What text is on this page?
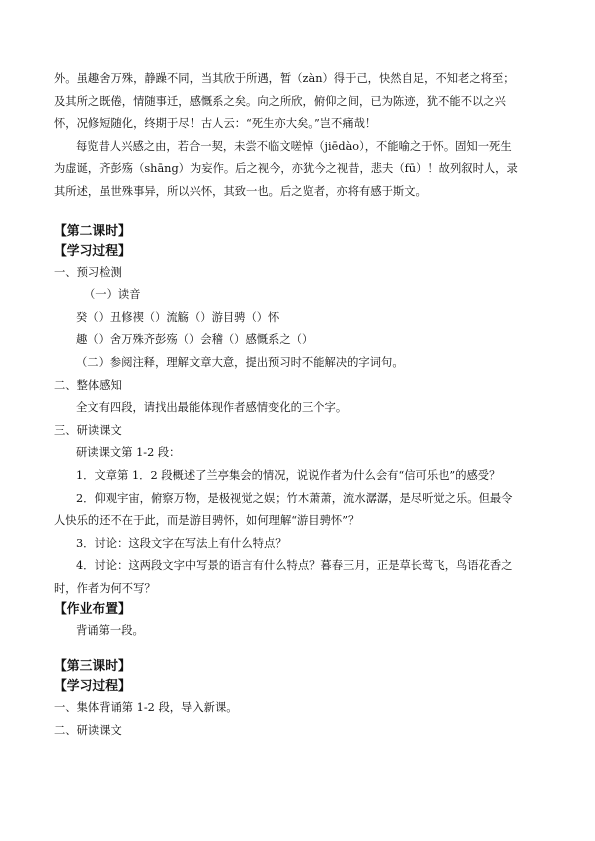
外。虽趣舍万殊，静躁不同，当其欣于所遇，暂（zàn）得于己，快然自足，不知老之将至；

及其所之既倦，情随事迁，感慨系之矣。向之所欣，俯仰之间，已为陈迹，犹不能不以之兴

怀，况修短随化，终期于尽！古人云：“死生亦大矣。”岂不痛哉！

每览昔人兴感之由，若合一契，未尝不临文嗟悼（jiēdào），不能喻之于怀。固知一死生

为虚诞，齐彭殇（shāng）为妄作。后之视今，亦犹今之视昔，悲夫（fū）！故列叙时人，录

其所述，虽世殊事异，所以兴怀，其致一也。后之览者，亦将有感于斯文。

【第二课时】

【学习过程】

一、预习检测

（一）读音

癸（）丑修禊（）流觞（）游目骋（）怀

趣（）舍万殊齐彭殇（）会稽（）感慨系之（）

（二）参阅注释，理解文章大意，提出预习时不能解决的字词句。

二、整体感知

全文有四段，请找出最能体现作者感情变化的三个字。

三、研读课文

研读课文第 1-2 段：

1．文章第 1．2 段概述了兰亭集会的情况，说说作者为什么会有“信可乐也”的感受？

2．仰观宇宙，俯察万物，是极视觉之娱；竹木萧萧，流水潺潺，是尽听觉之乐。但最令

人快乐的还不在于此，而是游目骋怀，如何理解“游目骋怀”？

3．讨论：这段文字在写法上有什么特点？

4．讨论：这两段文字中写景的语言有什么特点？暮春三月，正是草长莺飞，鸟语花香之

时，作者为何不写？

【作业布置】

背诵第一段。

【第三课时】

【学习过程】

一、集体背诵第 1-2 段，导入新课。

二、研读课文
